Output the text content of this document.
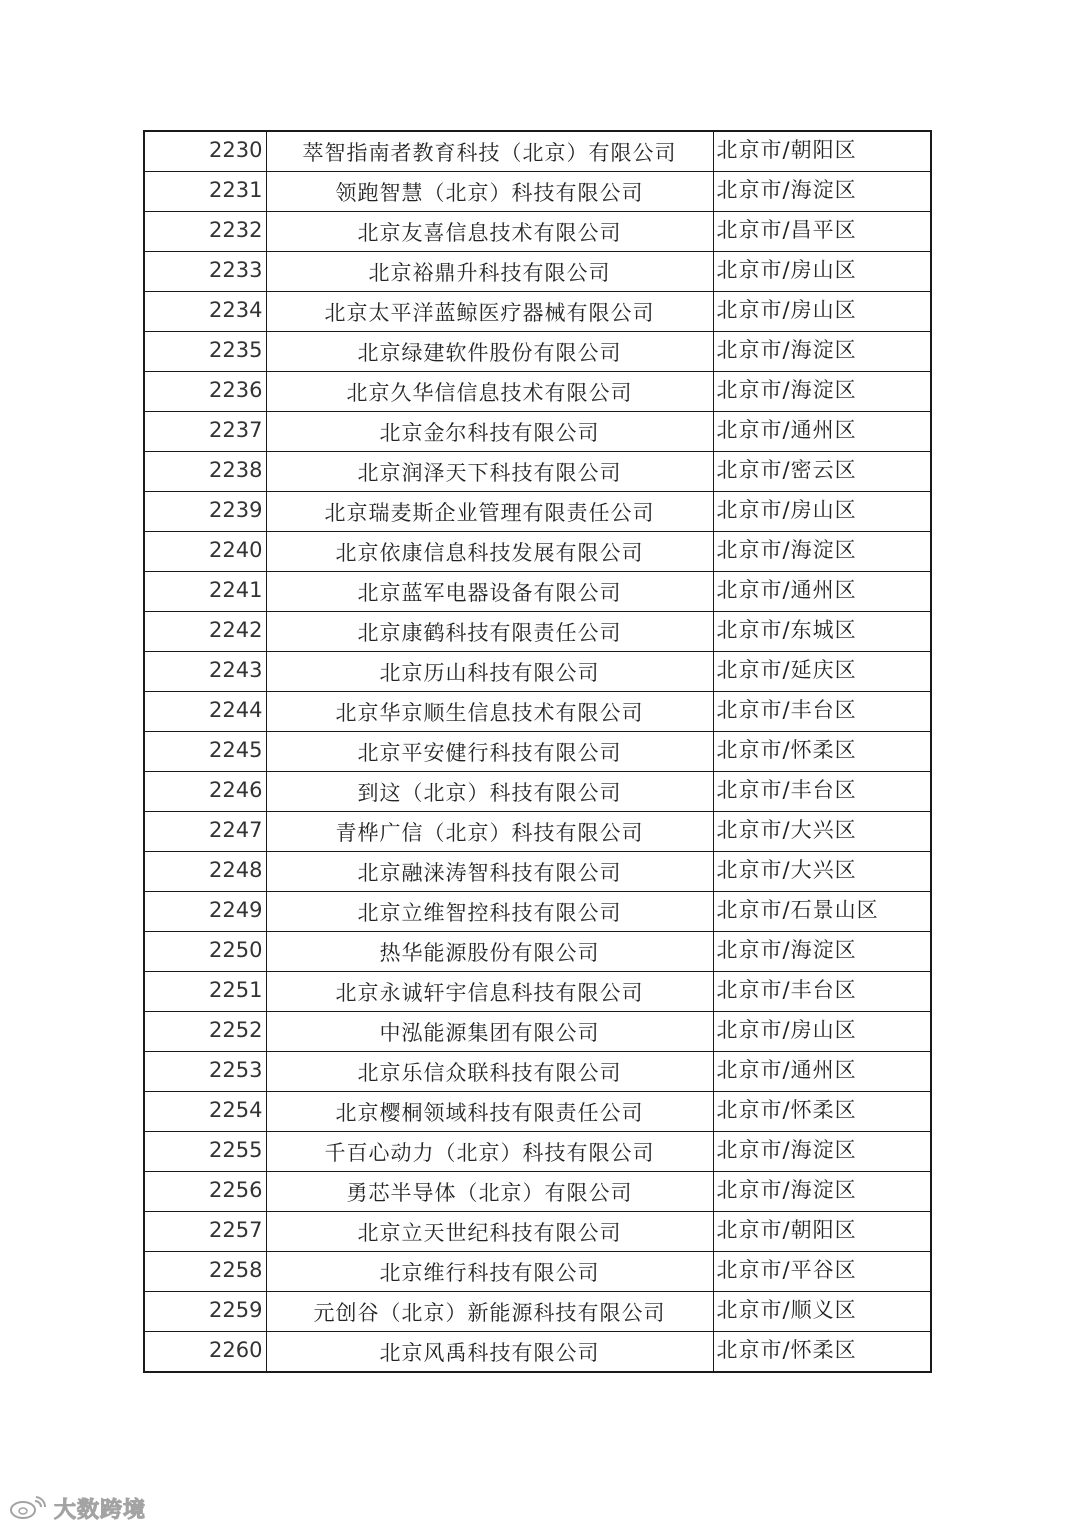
2230	萃智指南者教育科技（北京）有限公司	北京市/朝阳区
2231	领跑智慧（北京）科技有限公司	北京市/海淀区
2232	北京友喜信息技术有限公司	北京市/昌平区
2233	北京裕鼎升科技有限公司	北京市/房山区
2234	北京太平洋蓝鲸医疗器械有限公司	北京市/房山区
2235	北京绿建软件股份有限公司	北京市/海淀区
2236	北京久华信信息技术有限公司	北京市/海淀区
2237	北京金尔科技有限公司	北京市/通州区
2238	北京润泽天下科技有限公司	北京市/密云区
2239	北京瑞麦斯企业管理有限责任公司	北京市/房山区
2240	北京依康信息科技发展有限公司	北京市/海淀区
2241	北京蓝军电器设备有限公司	北京市/通州区
2242	北京康鹤科技有限责任公司	北京市/东城区
2243	北京历山科技有限公司	北京市/延庆区
2244	北京华京顺生信息技术有限公司	北京市/丰台区
2245	北京平安健行科技有限公司	北京市/怀柔区
2246	到这（北京）科技有限公司	北京市/丰台区
2247	青桦广信（北京）科技有限公司	北京市/大兴区
2248	北京融涞涛智科技有限公司	北京市/大兴区
2249	北京立维智控科技有限公司	北京市/石景山区
2250	热华能源股份有限公司	北京市/海淀区
2251	北京永诚轩宇信息科技有限公司	北京市/丰台区
2252	中泓能源集团有限公司	北京市/房山区
2253	北京乐信众联科技有限公司	北京市/通州区
2254	北京樱桐领域科技有限责任公司	北京市/怀柔区
2255	千百心动力（北京）科技有限公司	北京市/海淀区
2256	勇芯半导体（北京）有限公司	北京市/海淀区
2257	北京立天世纪科技有限公司	北京市/朝阳区
2258	北京维行科技有限公司	北京市/平谷区
2259	元创谷（北京）新能源科技有限公司	北京市/顺义区
2260	北京风禹科技有限公司	北京市/怀柔区
大数跨境
